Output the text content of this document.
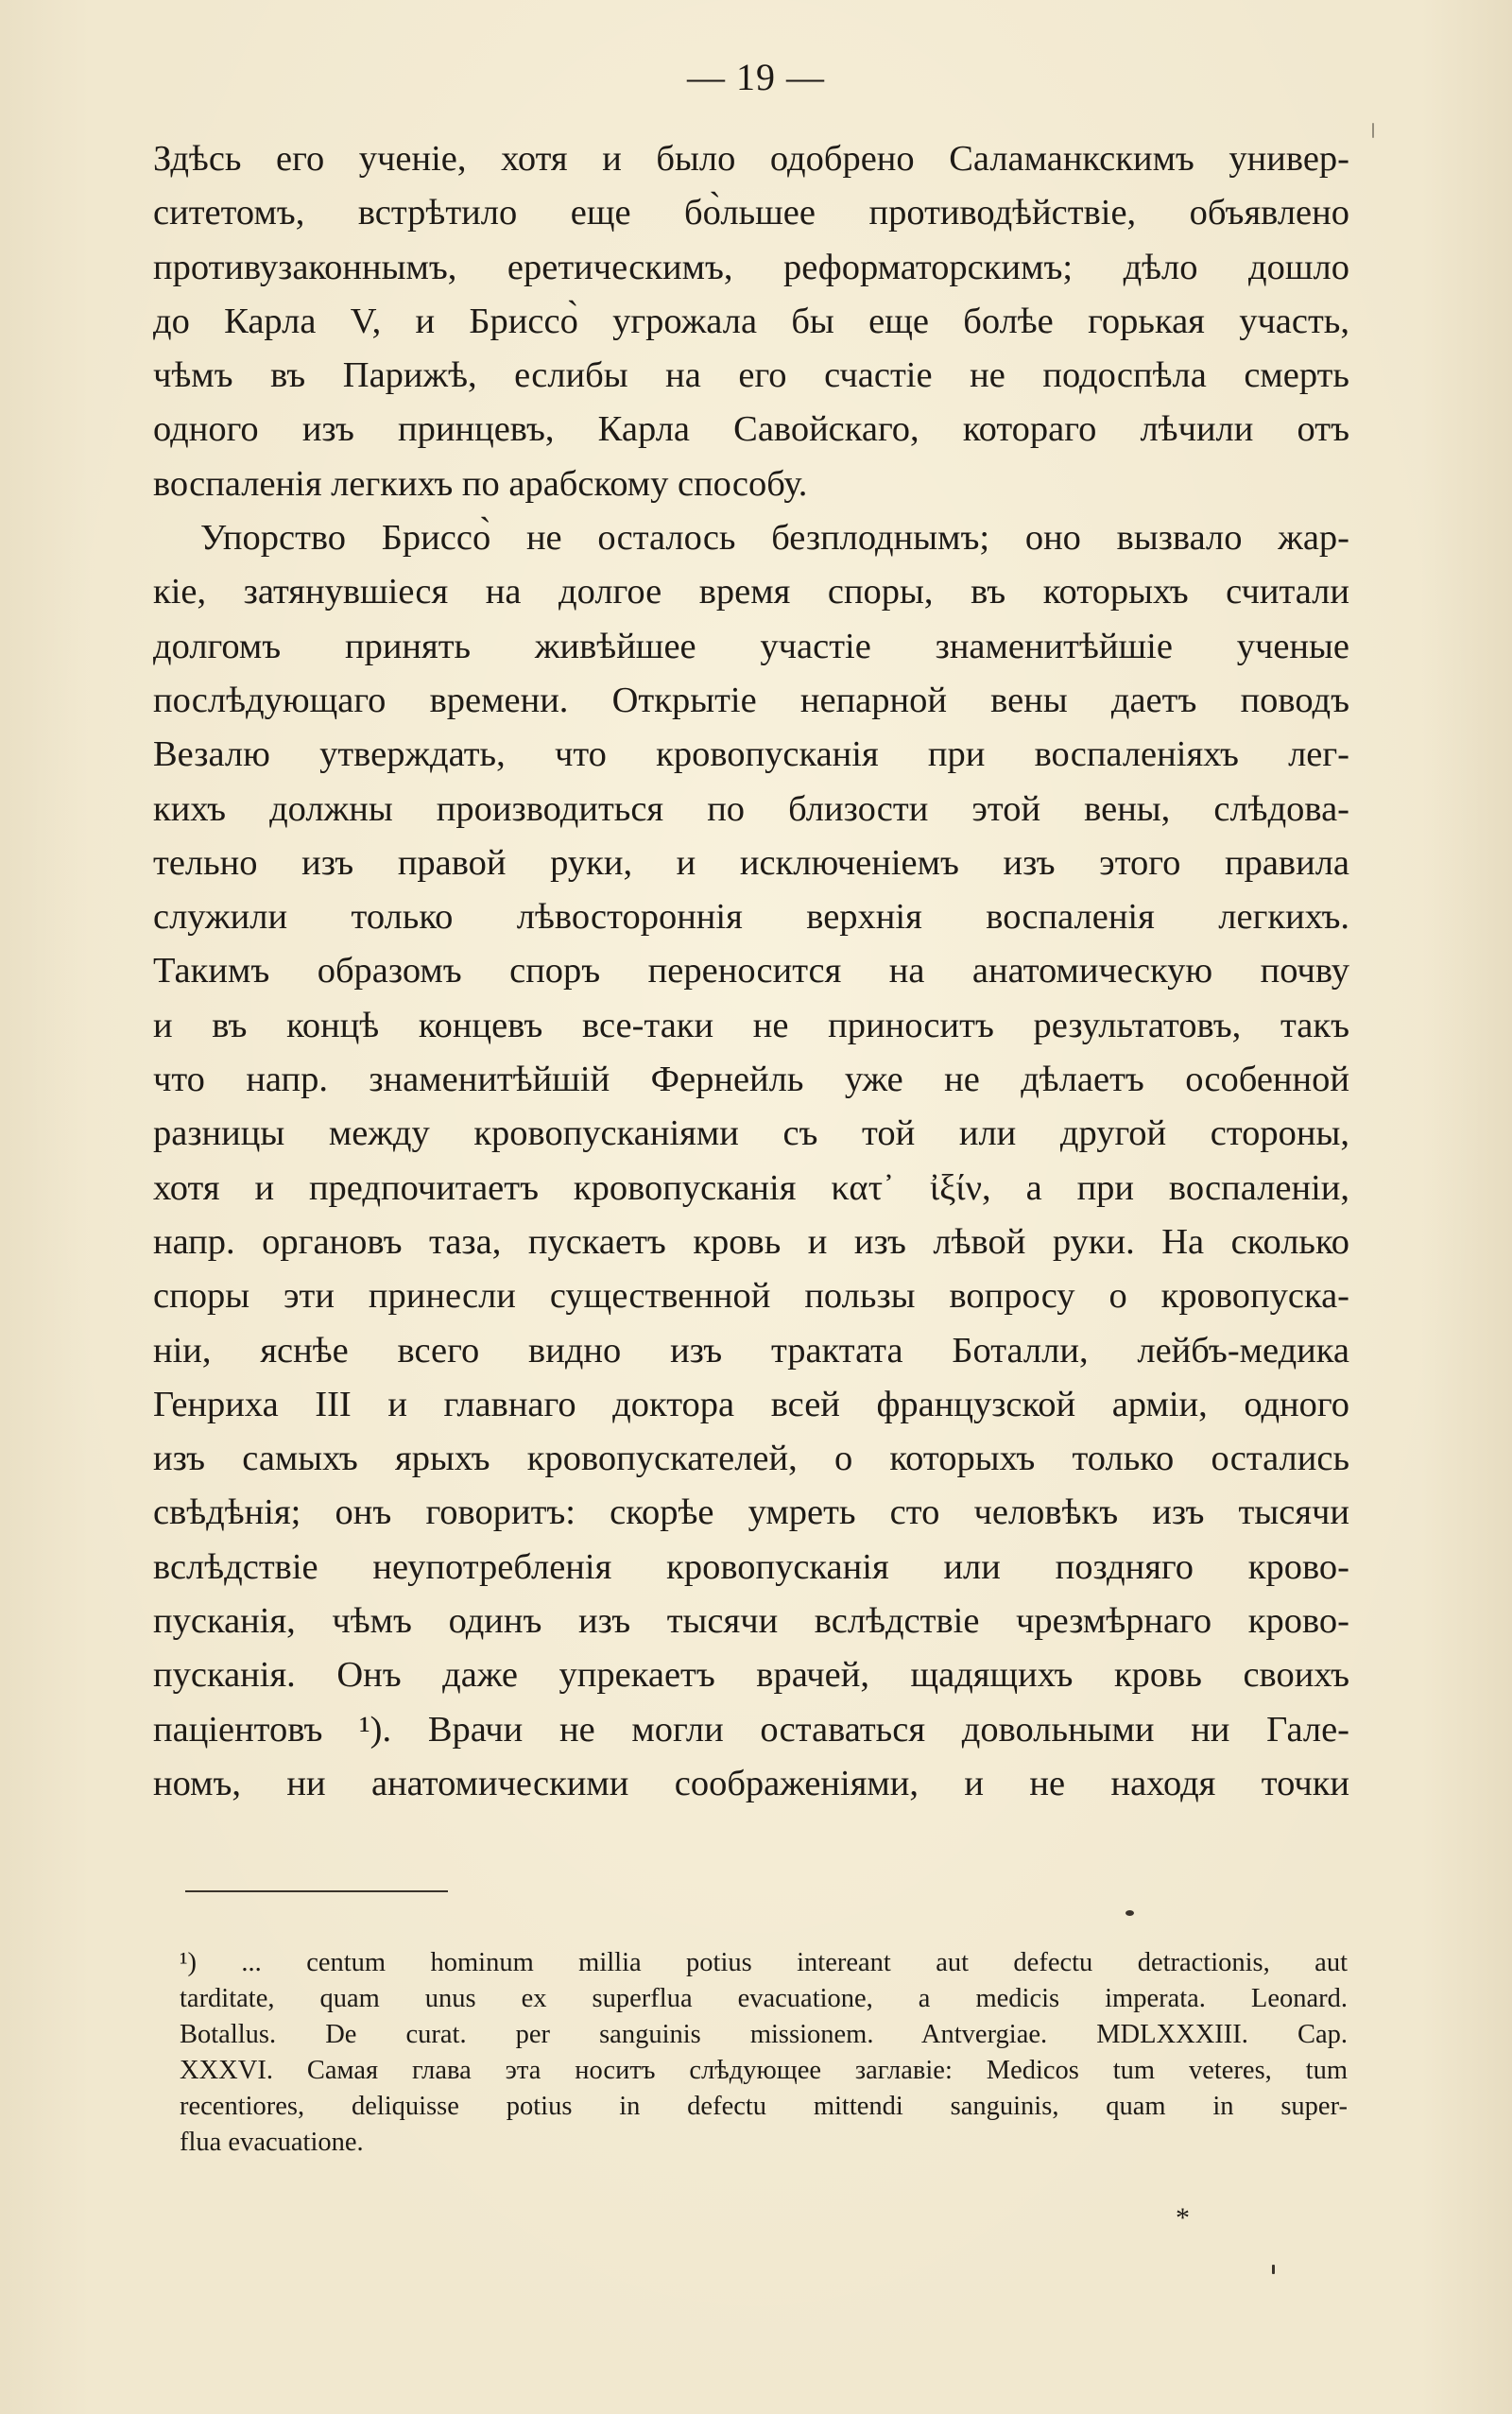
— 19 —
Здѣсь его ученіе, хотя и было одобрено Саламанкскимъ универ-
ситетомъ, встрѣтило еще бо̀льшее противодѣйствіе, объявлено
противузаконнымъ, еретическимъ, реформаторскимъ; дѣло дошло
до Карла V, и Бриссо̀ угрожала бы еще болѣе горькая участь,
чѣмъ въ Парижѣ, еслибы на его счастіе не подоспѣла смерть
одного изъ принцевъ, Карла Савойскаго, котораго лѣчили отъ
воспаленія легкихъ по арабскому способу.
Упорство Бриссо̀ не осталось безплоднымъ; оно вызвало жар-
кіе, затянувшіеся на долгое время споры, въ которыхъ считали
долгомъ принять живѣйшее участіе знаменитѣйшіе ученые
послѣдующаго времени. Открытіе непарной вены даетъ поводъ
Везалю утверждать, что кровопусканія при воспаленіяхъ лег-
кихъ должны производиться по близости этой вены, слѣдова-
тельно изъ правой руки, и исключеніемъ изъ этого правила
служили только лѣвостороннія верхнія воспаленія легкихъ.
Такимъ образомъ споръ переносится на анатомическую почву
и въ концѣ концевъ все-таки не приноситъ результатовъ, такъ
что напр. знаменитѣйшій Фернейль уже не дѣлаетъ особенной
разницы между кровопусканіями съ той или другой стороны,
хотя и предпочитаетъ кровопусканія κατ᾽ ἰξίν, а при воспаленіи,
напр. органовъ таза, пускаетъ кровь и изъ лѣвой руки. На сколько
споры эти принесли существенной пользы вопросу о кровопуска-
ніи, яснѣе всего видно изъ трактата Боталли, лейбъ-медика
Генриха III и главнаго доктора всей французской арміи, одного
изъ самыхъ ярыхъ кровопускателей, о которыхъ только остались
свѣдѣнія; онъ говоритъ: скорѣе умреть сто человѣкъ изъ тысячи
вслѣдствіе неупотребленія кровопусканія или поздняго крово-
пусканія, чѣмъ одинъ изъ тысячи вслѣдствіе чрезмѣрнаго крово-
пусканія. Онъ даже упрекаетъ врачей, щадящихъ кровь своихъ
паціентовъ ¹). Врачи не могли оставаться довольными ни Гале-
номъ, ни анатомическими соображеніями, и не находя точки
¹) ... centum hominum millia potius intereant aut defectu detractionis, aut
tarditate, quam unus ex superflua evacuatione, a medicis imperata. Leonard.
Botallus. De curat. per sanguinis missionem. Antvergiae. MDLXXXIII. Cap.
XXXVI. Самая глава эта носитъ слѣдующее заглавіе: Medicos tum veteres, tum
recentiores, deliquisse potius in defectu mittendi sanguinis, quam in super-
flua evacuatione.
*
